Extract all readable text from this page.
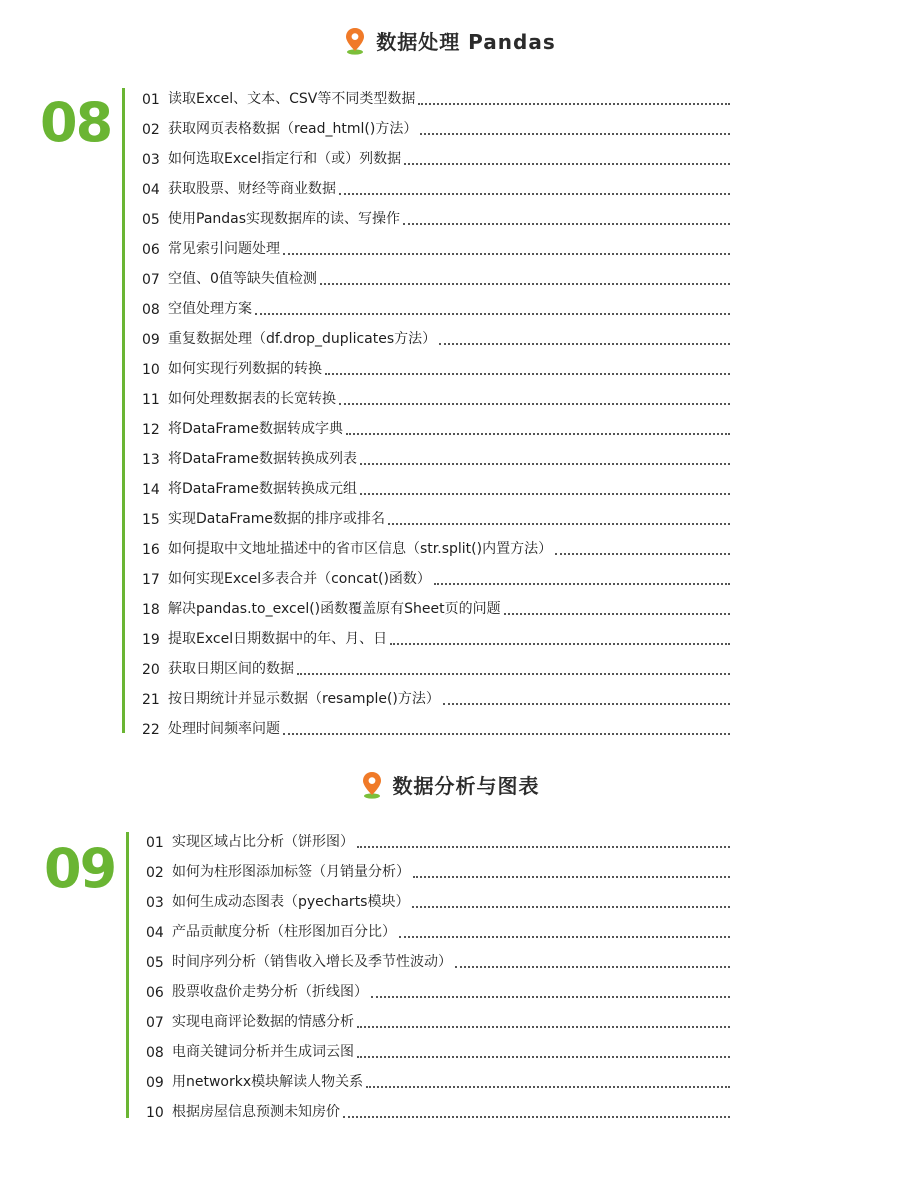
数据处理 Pandas
08 01 读取Excel、文本、CSV等不同类型数据
02 获取网页表格数据（read_html()方法）
03 如何选取Excel指定行和（或）列数据
04 获取股票、财经等商业数据
05 使用Pandas实现数据库的读、写操作
06 常见索引问题处理
07 空值、0值等缺失值检测
08 空值处理方案
09 重复数据处理（df.drop_duplicates方法）
10 如何实现行列数据的转换
11 如何处理数据表的长宽转换
12 将DataFrame数据转成字典
13 将DataFrame数据转换成列表
14 将DataFrame数据转换成元组
15 实现DataFrame数据的排序或排名
16 如何提取中文地址描述中的省市区信息（str.split()内置方法）
17 如何实现Excel多表合并（concat()函数）
18 解决pandas.to_excel()函数覆盖原有Sheet页的问题
19 提取Excel日期数据中的年、月、日
20 获取日期区间的数据
21 按日期统计并显示数据（resample()方法）
22 处理时间频率问题
数据分析与图表
09 01 实现区域占比分析（饼形图）
02 如何为柱形图添加标签（月销量分析）
03 如何生成动态图表（pyecharts模块）
04 产品贡献度分析（柱形图加百分比）
05 时间序列分析（销售收入增长及季节性波动）
06 股票收盘价走势分析（折线图）
07 实现电商评论数据的情感分析
08 电商关键词分析并生成词云图
09 用networkx模块解读人物关系
10 根据房屋信息预测未知房价
